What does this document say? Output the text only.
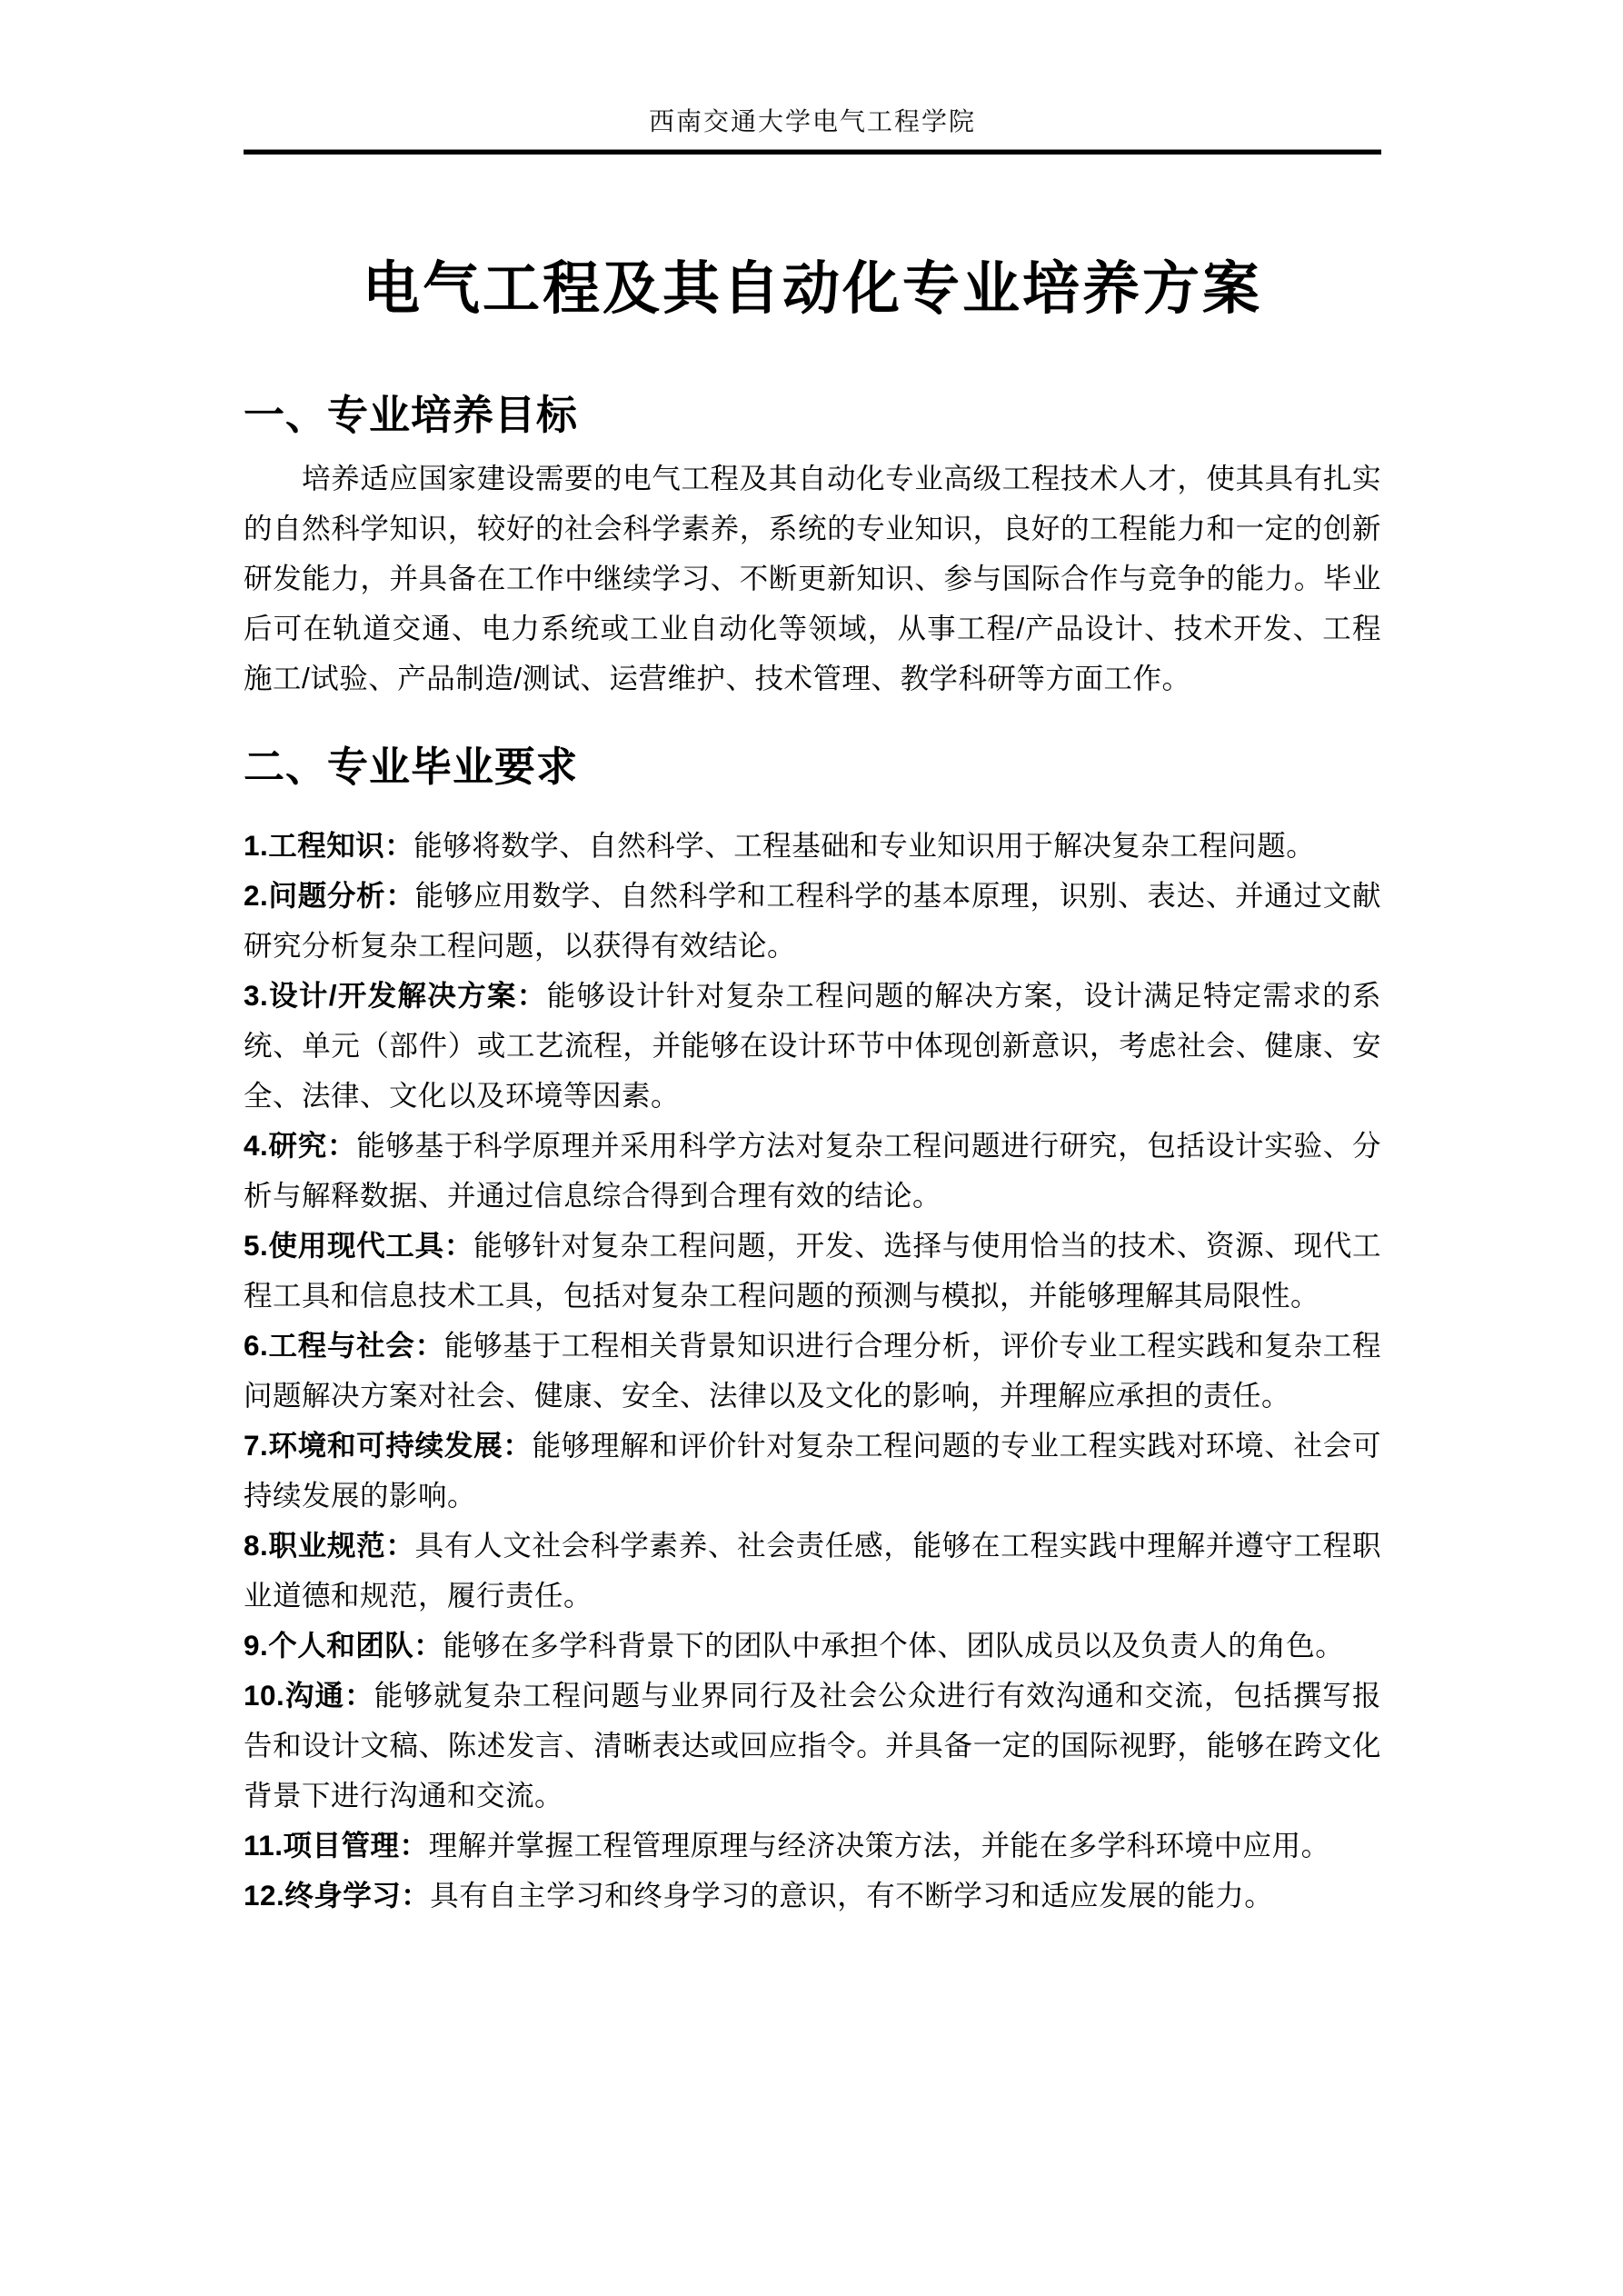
西南交通大学电气工程学院
电气工程及其自动化专业培养方案
一、专业培养目标

培养适应国家建设需要的电气工程及其自动化专业高级工程技术人才，使其具有扎实的自然科学知识，较好的社会科学素养，系统的专业知识，良好的工程能力和一定的创新研发能力，并具备在工作中继续学习、不断更新知识、参与国际合作与竞争的能力。毕业后可在轨道交通、电力系统或工业自动化等领域，从事工程/产品设计、技术开发、工程施工/试验、产品制造/测试、运营维护、技术管理、教学科研等方面工作。

二、专业毕业要求

1.工程知识：能够将数学、自然科学、工程基础和专业知识用于解决复杂工程问题。

2.问题分析：能够应用数学、自然科学和工程科学的基本原理，识别、表达、并通过文献研究分析复杂工程问题，以获得有效结论。

3.设计/开发解决方案：能够设计针对复杂工程问题的解决方案，设计满足特定需求的系统、单元（部件）或工艺流程，并能够在设计环节中体现创新意识，考虑社会、健康、安全、法律、文化以及环境等因素。

4.研究：能够基于科学原理并采用科学方法对复杂工程问题进行研究，包括设计实验、分析与解释数据、并通过信息综合得到合理有效的结论。

5.使用现代工具：能够针对复杂工程问题，开发、选择与使用恰当的技术、资源、现代工程工具和信息技术工具，包括对复杂工程问题的预测与模拟，并能够理解其局限性。

6.工程与社会：能够基于工程相关背景知识进行合理分析，评价专业工程实践和复杂工程问题解决方案对社会、健康、安全、法律以及文化的影响，并理解应承担的责任。

7.环境和可持续发展：能够理解和评价针对复杂工程问题的专业工程实践对环境、社会可持续发展的影响。

8.职业规范：具有人文社会科学素养、社会责任感，能够在工程实践中理解并遵守工程职业道德和规范，履行责任。

9.个人和团队：能够在多学科背景下的团队中承担个体、团队成员以及负责人的角色。

10.沟通：能够就复杂工程问题与业界同行及社会公众进行有效沟通和交流，包括撰写报告和设计文稿、陈述发言、清晰表达或回应指令。并具备一定的国际视野，能够在跨文化背景下进行沟通和交流。

11.项目管理：理解并掌握工程管理原理与经济决策方法，并能在多学科环境中应用。

12.终身学习：具有自主学习和终身学习的意识，有不断学习和适应发展的能力。
